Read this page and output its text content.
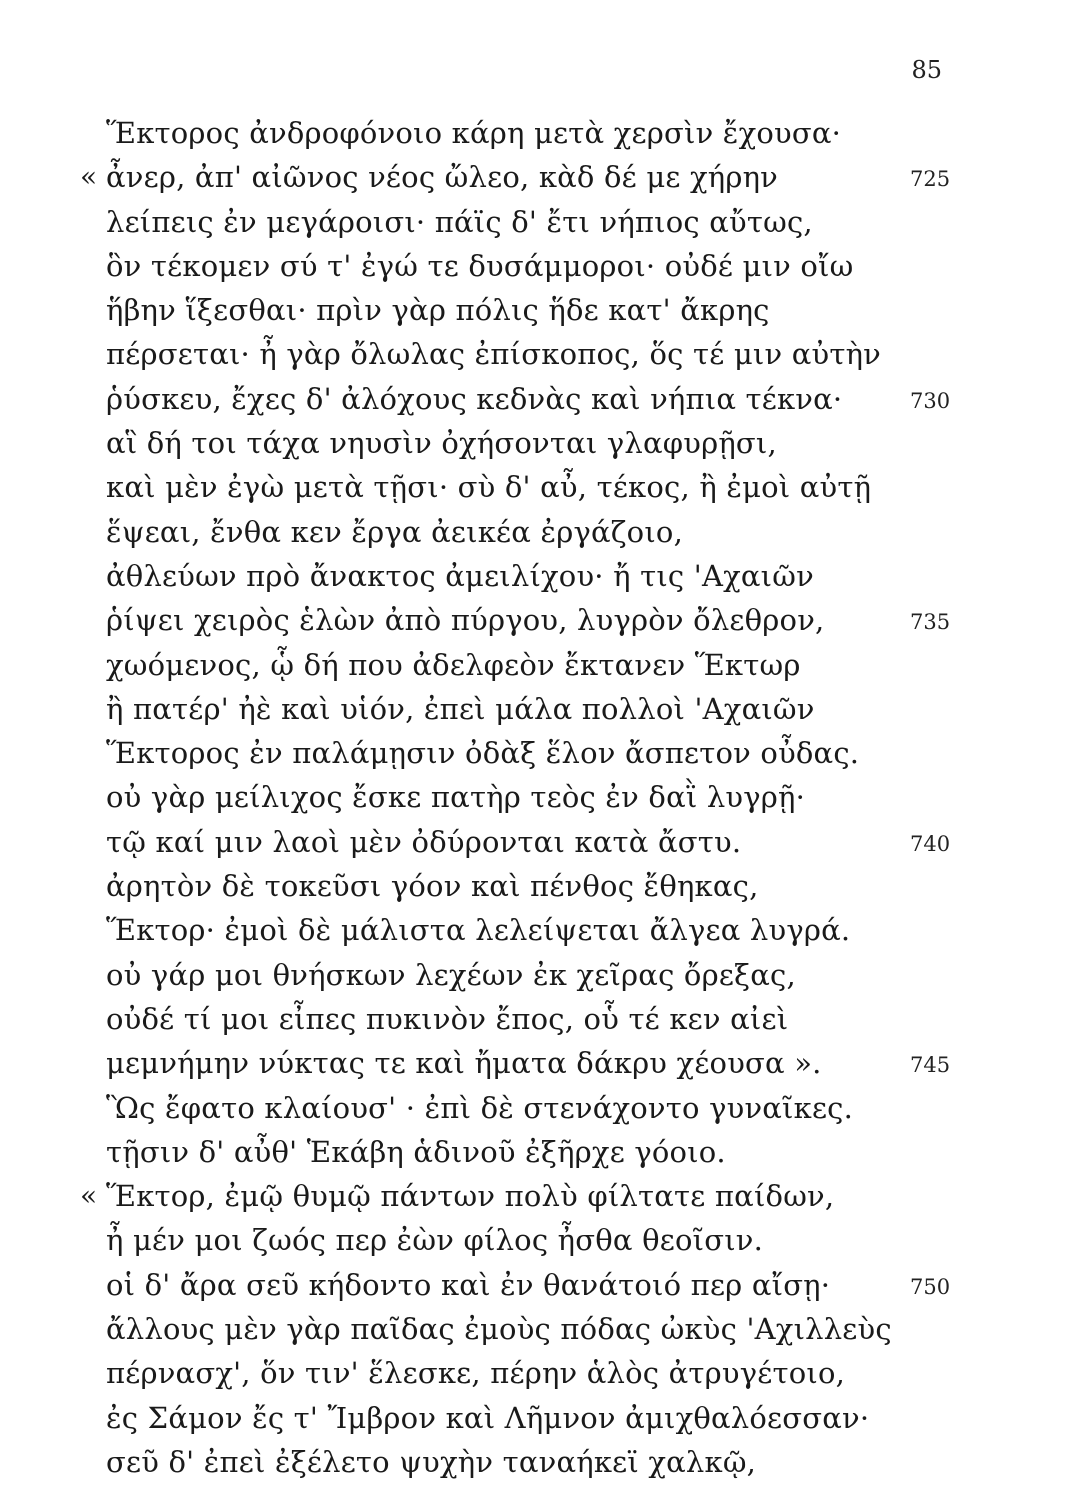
85
Ἕκτορος ἀνδροφόνοιο κάρη μετὰ χερσὶν ἔχουσα·
« ἆνερ, ἀπ' αἰῶνος νέος ὤλεο, κὰδ δέ με χήρην	725
λείπεις ἐν μεγάροισι· πάϊς δ' ἔτι νήπιος αὔτως,
ὃν τέκομεν σύ τ' ἐγώ τε δυσάμμοροι· οὐδέ μιν οἴω
ἥβην ἵξεσθαι· πρὶν γὰρ πόλις ἥδε κατ' ἄκρης
πέρσεται· ἦ γὰρ ὄλωλας ἐπίσκοπος, ὅς τέ μιν αὐτὴν
ῥύσκευ, ἔχες δ' ἀλόχους κεδνὰς καὶ νήπια τέκνα·	730
αἳ δή τοι τάχα νηυσὶν ὀχήσονται γλαφυρῇσι,
καὶ μὲν ἐγὼ μετὰ τῇσι· σὺ δ' αὖ, τέκος, ἢ ἐμοὶ αὐτῇ
ἕψεαι, ἔνθα κεν ἔργα ἀεικέα ἐργάζοιο,
ἀθλεύων πρὸ ἄνακτος ἀμειλίχου· ἤ τις 'Αχαιῶν
ῥίψει χειρὸς ἑλὼν ἀπὸ πύργου, λυγρὸν ὄλεθρον,	735
χωόμενος, ᾧ δή που ἀδελφεὸν ἔκτανεν Ἕκτωρ
ἢ πατέρ' ἠὲ καὶ υἱόν, ἐπεὶ μάλα πολλοὶ 'Αχαιῶν
Ἕκτορος ἐν παλάμῃσιν ὀδὰξ ἕλον ἄσπετον οὖδας.
οὐ γὰρ μείλιχος ἔσκε πατὴρ τεὸς ἐν δαῒ λυγρῇ·
τῷ καί μιν λαοὶ μὲν ὀδύρονται κατὰ ἄστυ.	740
ἀρητὸν δὲ τοκεῦσι γόον καὶ πένθος ἔθηκας,
Ἕκτορ· ἐμοὶ δὲ μάλιστα λελείψεται ἄλγεα λυγρά.
οὐ γάρ μοι θνήσκων λεχέων ἐκ χεῖρας ὄρεξας,
οὐδέ τί μοι εἶπες πυκινὸν ἔπος, οὗ τέ κεν αἰεὶ
μεμνήμην νύκτας τε καὶ ἤματα δάκρυ χέουσα ».	745
Ὣς ἔφατο κλαίουσ' · ἐπὶ δὲ στενάχοντο γυναῖκες.
τῇσιν δ' αὖθ' Ἑκάβη ἁδινοῦ ἐξῆρχε γόοιο.
« Ἕκτορ, ἐμῷ θυμῷ πάντων πολὺ φίλτατε παίδων,
ἦ μέν μοι ζωός περ ἐὼν φίλος ἦσθα θεοῖσιν.
οἱ δ' ἄρα σεῦ κήδοντο καὶ ἐν θανάτοιό περ αἴσῃ·	750
ἄλλους μὲν γὰρ παῖδας ἐμοὺς πόδας ὠκὺς 'Αχιλλεὺς
πέρνασχ', ὅν τιν' ἕλεσκε, πέρην ἁλὸς ἀτρυγέτοιο,
ἐς Σάμον ἔς τ' Ἴμβρον καὶ Λῆμνον ἀμιχθαλόεσσαν·
σεῦ δ' ἐπεὶ ἐξέλετο ψυχὴν ταναήκεϊ χαλκῷ,
